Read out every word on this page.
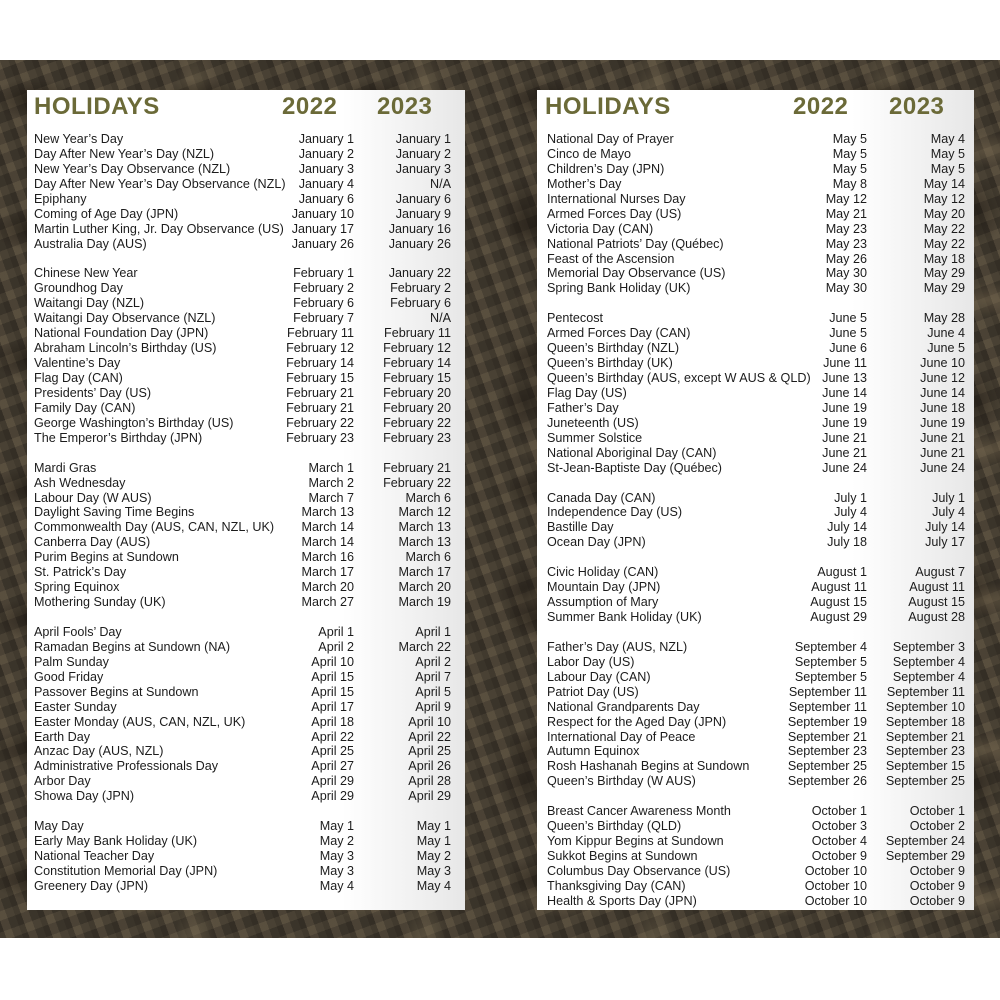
HOLIDAYS	2022 2023
New Year’s Day	January 1	January 1
Day After New Year’s Day (NZL)	January 2	January 2
New Year’s Day Observance (NZL)	January 3	January 3
Day After New Year’s Day Observance (NZL) January 4	N/A
Epiphany	January 6	January 6
Coming of Age Day (JPN)	January 10	January 9
Martin Luther King, Jr. Day Observance (US) January 17	January 16
Australia Day (AUS)	January 26	January 26
Chinese New Year	February 1	January 22
Groundhog Day	February 2	February 2
Waitangi Day (NZL)	February 6	February 6
Waitangi Day Observance (NZL)	February 7	N/A
National Foundation Day (JPN)	February 11 February 11
Abraham Lincoln’s Birthday (US)	February 12 February 12
Valentine’s Day	February 14 February 14
Flag Day (CAN)	February 15 February 15
Presidents’ Day (US)	February 21 February 20
Family Day (CAN)	February 21 February 20
George Washington’s Birthday (US)	February 22 February 22
The Emperor’s Birthday (JPN)	February 23 February 23
Mardi Gras	March 1 February 21
Ash Wednesday	March 2 February 22
Labour Day (W AUS)	March 7	March 6
Daylight Saving Time Begins	March 13	March 12
Commonwealth Day (AUS, CAN, NZL, UK) March 14	March 13
Canberra Day (AUS)	March 14	March 13
Purim Begins at Sundown	March 16	March 6
St. Patrick’s Day	March 17	March 17
Spring Equinox	March 20	March 20
Mothering Sunday (UK)	March 27	March 19
April Fools’ Day	April 1	April 1
Ramadan Begins at Sundown (NA)	April 2	March 22
Palm Sunday	April 10	April 2
Good Friday	April 15	April 7
Passover Begins at Sundown	April 15	April 5
Easter Sunday	April 17	April 9
Easter Monday (AUS, CAN, NZL, UK)	April 18	April 10
Earth Day	April 22	April 22
Anzac Day (AUS, NZL)	April 25	April 25
Administrative Professionals Day	April 27	April 26
Arbor Day	April 29	April 28
Showa Day (JPN)	April 29	April 29
May Day	May 1	May 1
Early May Bank Holiday (UK)	May 2	May 1
National Teacher Day	May 3	May 2
Constitution Memorial Day (JPN)	May 3	May 3
Greenery Day (JPN)	May 4	May 4
HOLIDAYS	2022 2023
National Day of Prayer	May 5	May 4
Cinco de Mayo	May 5	May 5
Children’s Day (JPN)	May 5	May 5
Mother’s Day	May 8	May 14
International Nurses Day	May 12	May 12
Armed Forces Day (US)	May 21	May 20
Victoria Day (CAN)	May 23	May 22
National Patriots’ Day (Québec)	May 23	May 22
Feast of the Ascension	May 26	May 18
Memorial Day Observance (US)	May 30	May 29
Spring Bank Holiday (UK)	May 30	May 29
Pentecost	June 5	May 28
Armed Forces Day (CAN)	June 5	June 4
Queen’s Birthday (NZL)	June 6	June 5
Queen’s Birthday (UK)	June 11	June 10
Queen’s Birthday (AUS, except W AUS & QLD) June 13	June 12
Flag Day (US)	June 14	June 14
Father’s Day	June 19	June 18
Juneteenth (US)	June 19	June 19
Summer Solstice	June 21	June 21
National Aboriginal Day (CAN)	June 21	June 21
St-Jean-Baptiste Day (Québec)	June 24	June 24
Canada Day (CAN)	July 1	July 1
Independence Day (US)	July 4	July 4
Bastille Day	July 14	July 14
Ocean Day (JPN)	July 18	July 17
Civic Holiday (CAN)	August 1	August 7
Mountain Day (JPN)	August 11	August 11
Assumption of Mary	August 15	August 15
Summer Bank Holiday (UK)	August 29	August 28
Father’s Day (AUS, NZL)	September 4 September 3
Labor Day (US)	September 5 September 4
Labour Day (CAN)	September 5 September 4
Patriot Day (US)	September 11 September 11
National Grandparents Day	September 11 September 10
Respect for the Aged Day (JPN)	September 19 September 18
International Day of Peace	September 21 September 21
Autumn Equinox	September 23 September 23
Rosh Hashanah Begins at Sundown	September 25 September 15
Queen’s Birthday (W AUS)	September 26 September 25
Breast Cancer Awareness Month	October 1	October 1
Queen’s Birthday (QLD)	October 3	October 2
Yom Kippur Begins at Sundown	October 4 September 24
Sukkot Begins at Sundown	October 9 September 29
Columbus Day Observance (US)	October 10	October 9
Thanksgiving Day (CAN)	October 10	October 9
Health & Sports Day (JPN)	October 10	October 9
